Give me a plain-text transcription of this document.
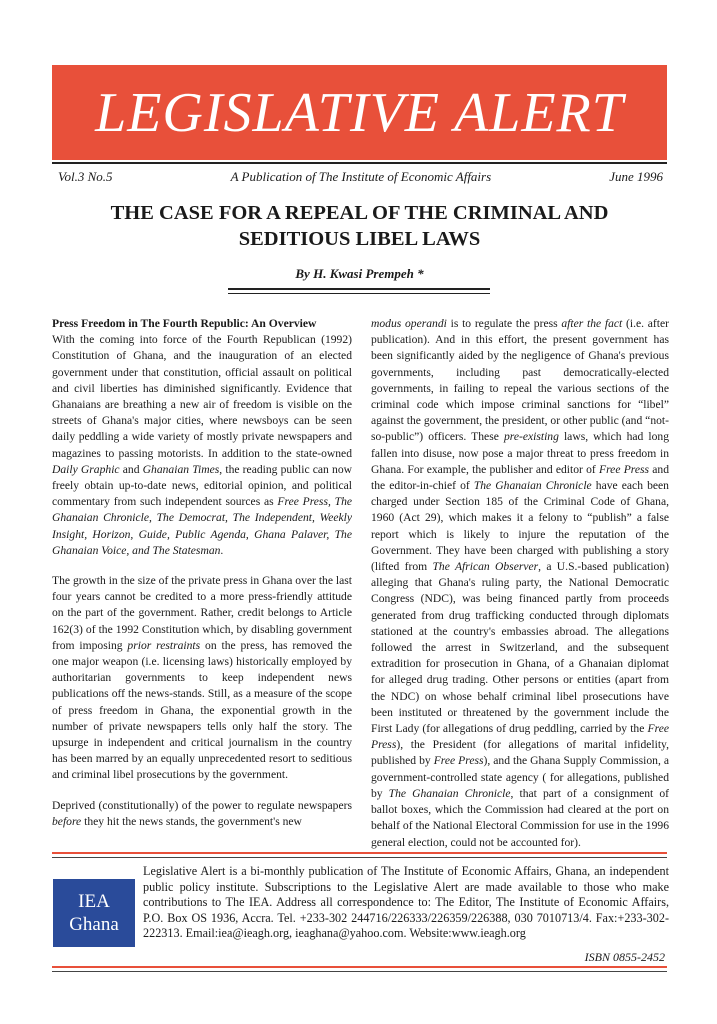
LEGISLATIVE ALERT
Vol.3 No.5	A Publication of The Institute of Economic Affairs	June 1996
THE CASE FOR A REPEAL OF THE CRIMINAL AND
SEDITIOUS LIBEL LAWS
By H. Kwasi Prempeh *

Press Freedom in The Fourth Republic: An Overview
With the coming into force of the Fourth Republican (1992) Constitution of Ghana, and the inauguration of an elected government under that constitution, official assault on political and civil liberties has diminished significantly. Evidence that Ghanaians are breathing a new air of freedom is visible on the streets of Ghana's major cities, where newsboys can be seen daily peddling a wide variety of mostly private newspapers and magazines to passing motorists. In addition to the state-owned Daily Graphic and Ghanaian Times, the reading public can now freely obtain up-to-date news, editorial opinion, and political commentary from such independent sources as Free Press, The Ghanaian Chronicle, The Democrat, The Independent, Weekly Insight, Horizon, Guide, Public Agenda, Ghana Palaver, The Ghanaian Voice, and The Statesman.

The growth in the size of the private press in Ghana over the last four years cannot be credited to a more press-friendly attitude on the part of the government. Rather, credit belongs to Article 162(3) of the 1992 Constitution which, by disabling government from imposing prior restraints on the press, has removed the one major weapon (i.e. licensing laws) historically employed by authoritarian governments to keep independent news publications off the news-stands. Still, as a measure of the scope of press freedom in Ghana, the exponential growth in the number of private newspapers tells only half the story. The upsurge in independent and critical journalism in the country has been marred by an equally unprecedented resort to seditious and criminal libel prosecutions by the government.

Deprived (constitutionally) of the power to regulate newspapers before they hit the news stands, the government's new

modus operandi is to regulate the press after the fact (i.e. after publication). And in this effort, the present government has been significantly aided by the negligence of Ghana's previous governments, including past democratically-elected governments, in failing to repeal the various sections of the criminal code which impose criminal sanctions for “libel” against the government, the president, or other public (and “not-so-public”) officers. These pre-existing laws, which had long fallen into disuse, now pose a major threat to press freedom in Ghana. For example, the publisher and editor of Free Press and the editor-in-chief of The Ghanaian Chronicle have each been charged under Section 185 of the Criminal Code of Ghana, 1960 (Act 29), which makes it a felony to “publish” a false report which is likely to injure the reputation of the Government. They have been charged with publishing a story (lifted from The African Observer, a U.S.-based publication) alleging that Ghana's ruling party, the National Democratic Congress (NDC), was being financed partly from proceeds generated from drug trafficking conducted through diplomats stationed at the country's embassies abroad. The allegations followed the arrest in Switzerland, and the subsequent extradition for prosecution in Ghana, of a Ghanaian diplomat for alleged drug trading. Other persons or entities (apart from the NDC) on whose behalf criminal libel prosecutions have been instituted or threatened by the government include the First Lady (for allegations of drug peddling, carried by the Free Press), the President (for allegations of marital infidelity, published by Free Press), and the Ghana Supply Commission, a government-controlled state agency ( for allegations, published by The Ghanaian Chronicle, that part of a consignment of ballot boxes, which the Commission had cleared at the port on behalf of the National Electoral Commission for use in the 1996 general election, could not be accounted for).

IEA
Ghana
Legislative Alert is a bi-monthly publication of The Institute of Economic Affairs, Ghana, an independent public policy institute. Subscriptions to the Legislative Alert are made available to those who make contributions to The IEA. Address all correspondence to: The Editor, The Institute of Economic Affairs, P.O. Box OS 1936, Accra. Tel. +233-302 244716/226333/226359/226388, 030 7010713/4. Fax:+233-302-222313. Email:iea@ieagh.org, ieaghana@yahoo.com. Website:www.ieagh.org
ISBN 0855-2452
